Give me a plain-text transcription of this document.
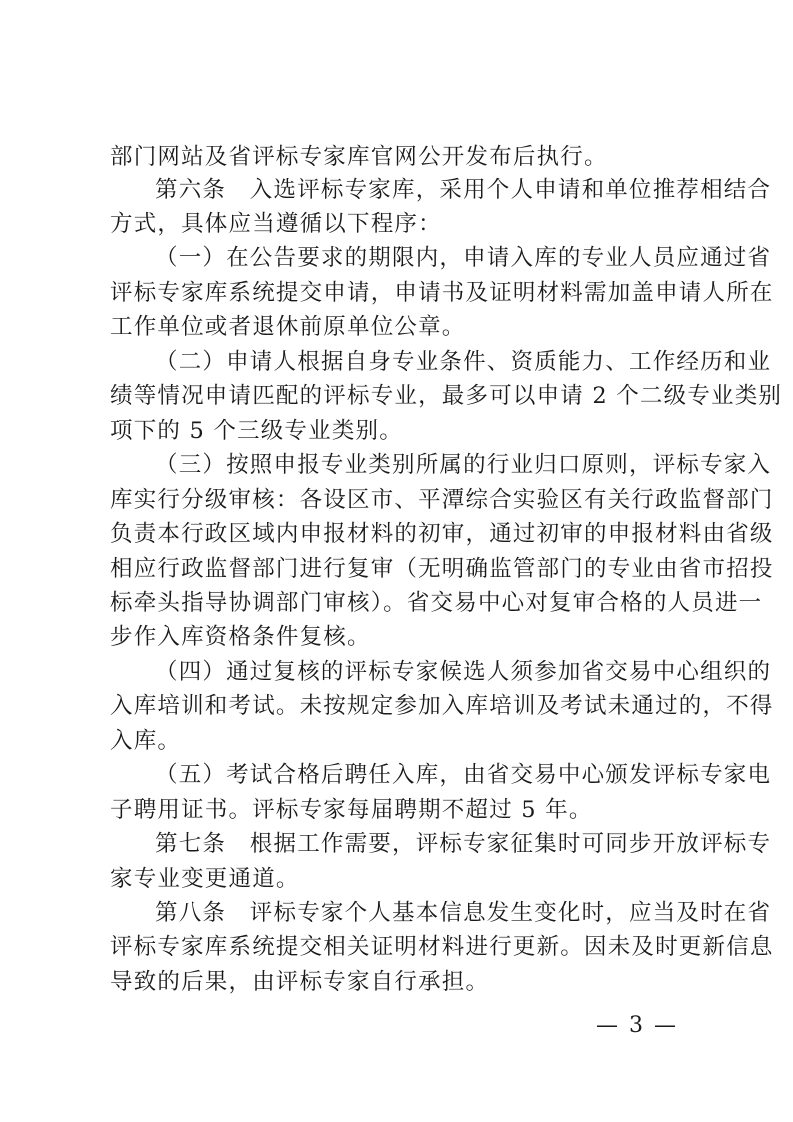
部门网站及省评标专家库官网公开发布后执行。
第六条　入选评标专家库，采用个人申请和单位推荐相结合
方式，具体应当遵循以下程序：
（一）在公告要求的期限内，申请入库的专业人员应通过省
评标专家库系统提交申请，申请书及证明材料需加盖申请人所在
工作单位或者退休前原单位公章。
（二）申请人根据自身专业条件、资质能力、工作经历和业
绩等情况申请匹配的评标专业，最多可以申请 2 个二级专业类别
项下的 5 个三级专业类别。
（三）按照申报专业类别所属的行业归口原则，评标专家入
库实行分级审核：各设区市、平潭综合实验区有关行政监督部门
负责本行政区域内申报材料的初审，通过初审的申报材料由省级
相应行政监督部门进行复审（无明确监管部门的专业由省市招投
标牵头指导协调部门审核）。省交易中心对复审合格的人员进一
步作入库资格条件复核。
（四）通过复核的评标专家候选人须参加省交易中心组织的
入库培训和考试。未按规定参加入库培训及考试未通过的，不得
入库。
（五）考试合格后聘任入库，由省交易中心颁发评标专家电
子聘用证书。评标专家每届聘期不超过 5 年。
第七条　根据工作需要，评标专家征集时可同步开放评标专
家专业变更通道。
第八条　评标专家个人基本信息发生变化时，应当及时在省
评标专家库系统提交相关证明材料进行更新。因未及时更新信息
导致的后果，由评标专家自行承担。
— 3 —
